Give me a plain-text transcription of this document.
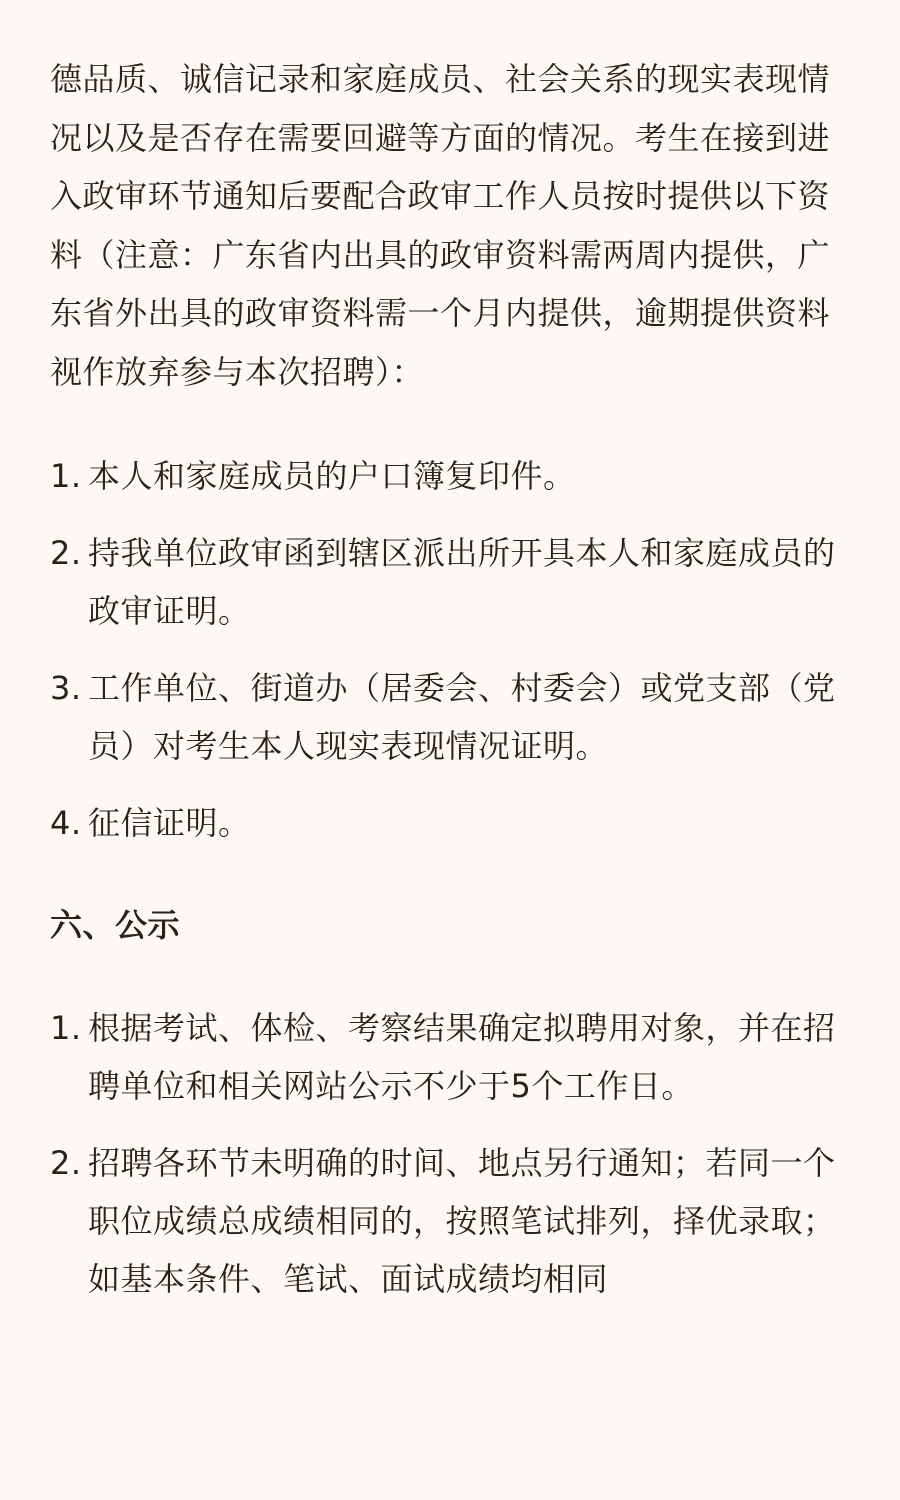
德品质、诚信记录和家庭成员、社会关系的现实表现情况以及是否存在需要回避等方面的情况。考生在接到进入政审环节通知后要配合政审工作人员按时提供以下资料（注意：广东省内出具的政审资料需两周内提供，广东省外出具的政审资料需一个月内提供，逾期提供资料视作放弃参与本次招聘）：

1. 本人和家庭成员的户口簿复印件。
2. 持我单位政审函到辖区派出所开具本人和家庭成员的政审证明。
3. 工作单位、街道办（居委会、村委会）或党支部（党员）对考生本人现实表现情况证明。
4. 征信证明。
六、公示
1. 根据考试、体检、考察结果确定拟聘用对象，并在招聘单位和相关网站公示不少于5个工作日。
2. 招聘各环节未明确的时间、地点另行通知；若同一个职位成绩总成绩相同的，按照笔试排列，择优录取；如基本条件、笔试、面试成绩均相同
